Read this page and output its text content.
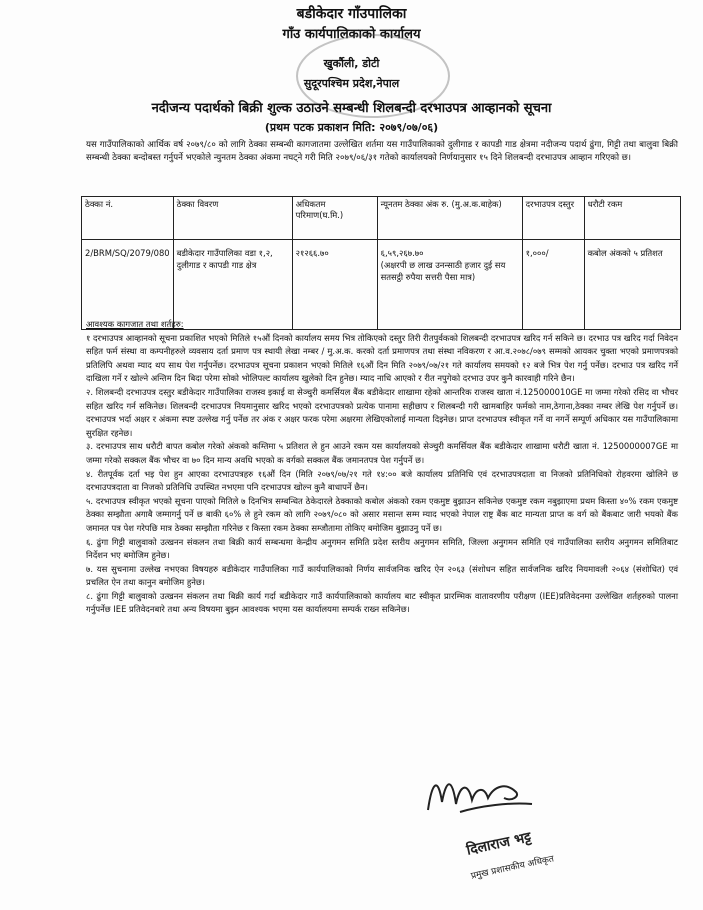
बडीकेदार गाँउपालिका
गाँउ कार्यपालिकाको कार्यालय
खुर्कौली, डोटी
सुदूरपश्चिम प्रदेश,नेपाल
नदीजन्य पदार्थको बिक्री शुल्क उठाउने सम्बन्धी शिलबन्दी दरभाउपत्र आव्हानको सूचना
(प्रथम पटक प्रकाशन मिति: २०७९/०७/०६)
यस गाउँपालिकाको आर्थिक वर्ष २०७९/८० को लागि ठेक्का सम्बन्धी कागजातमा उल्लेखित शर्तमा यस गाउँपालिकाको दुलीगाड र कापडी गाड क्षेत्रमा नदीजन्य पदार्थ ढुंगा, गिट्टी तथा बालुवा बिक्री सम्बन्धी ठेक्का बन्दोबस्त गर्नुपर्ने भएकोले न्युनतम ठेक्का अंकमा नघट्ने गरी मिति २०७९/०६/३१ गतेको कार्यालयको निर्णयानुसार १५ दिने शिलबन्दी दरभाउपत्र आव्हान गरिएको छ।
ठेक्का नं.	ठेक्का विवरण	अधिकतम परिमाण(घ.मि.)	न्यूनतम ठेक्का अंक रु. (मु.अ.क.बाहेक)	दरभाउपत्र दस्तुर	धरौटी रकम
2/BRM/SQ/2079/080	बडीकेदार गाउँपालिका वडा १,२, दुलीगाड र कापडी गाड क्षेत्र	२१२६६.७०	६,५९,२६७.७०
(अक्षरपी छ लाख उनन्साठी हजार दुई सय सतसट्ठी रुपैया सत्तरी पैसा मात्र)	१,०००/	कबोल अंकको ५ प्रतिशत

आवश्यक कागजात तथा शर्तहरु:

१ दरभाउपत्र आव्हानको सूचना प्रकाशित भएको मितिले १५औं दिनको कार्यालय समय भित्र तोकिएको दस्तुर तिरी रीतपुर्वकको शिलबन्दी दरभाउपत्र खरिद गर्न सकिने छ। दरभाउ पत्र खरिद गर्दा निवेदन सहित फर्म संस्था वा कम्पनीहरुले व्यवसाय दर्ता प्रमाण पत्र स्थायी लेखा नम्बर / मु.अ.क. करको दर्ता प्रमाणपत्र तथा संस्था नविकरण र आ.व.२०७८/०७९ सम्मको आयकर चुक्ता भएको प्रमाणपत्रको प्रतिलिपि अथवा म्याद थप साथ पेश गर्नुपर्नेछ। दरभाउपत्र सूचना प्रकाशन भएको मितिले १६औं दिन मिति २०७९/०७/२१ गते कार्यालय समयको १२ बजे भित्र पेश गर्नु पर्नेछ। दरभाउ पत्र खरिद गर्ने दाखिला गर्ने र खोल्ने अन्तिम दिन बिदा परेमा सोको भोलिपल्ट कार्यालय खुलेको दिन हुनेछ। म्याद नाधि आएको र रीत नपुगेको दरभाउ उपर कुनै कारवाही गरिने छैन।

२. शिलबन्दी दरभाउपत्र दस्तुर बडीकेदार गाउँपालिका राजस्व इकाई वा सेञ्चुरी कमर्सियल बैंक बडीकेदार शाखामा रहेको आन्तरिक राजस्व खाता नं.125000010GE मा जम्मा गरेको रसिद वा भौचर सहित खरिद गर्न सकिनेछ। शिलबन्दी दरभाउपत्र नियमानुसार खरिद भएको दरभाउपत्रको प्रत्येक पानामा सहीछाप र शिलबन्दी गरी खामबाहिर फर्मको नाम,ठेगाना,ठेक्का नम्बर लेखि पेश गर्नुपर्ने छ। दरभाउपत्र भर्दा अक्षर र अंकमा स्पष्ट उल्लेख गर्नु पर्नेछ तर अंक र अक्षर फरक परेमा अक्षरमा लेखिएकोलाई मान्यता दिइनेछ। प्राप्त दरभाउपत्र स्वीकृत गर्ने वा नगर्ने सम्पूर्ण अधिकार यस गाउँपालिकामा सुरक्षित रहनेछ।

३. दरभाउपत्र साथ धरौटी बापत कबोल गरेको अंकको कम्तिमा ५ प्रतिशत ले हुन आउने रकम यस कार्यालयको सेञ्चुरी कमर्सियल बैंक बडीकेदार शाखामा धरौटी खाता नं. 1250000007GE मा जम्मा गरेको सक्कल बैंक भौचर वा ७० दिन मान्य अवधि भएको क वर्गको सक्कल बैंक जमानतपत्र पेश गर्नुपर्ने छ।

४. रीतपूर्वक दर्ता भइ पेश हुन आएका दरभाउपत्रहरु १६औं दिन (मिति २०७९/०७/२१ गते १४:०० बजे कार्यालय प्रतिनिधि एवं दरभाउपत्रदाता वा निजको प्रतिनिधिको रोहवरमा खोलिने छ दरभाउपत्रदाता वा निजको प्रतिनिधि उपस्थित नभएमा पनि दरभाउपत्र खोल्न कुनै बाधापर्ने छैन।

५. दरभाउपत्र स्वीकृत भएको सूचना पाएको मितिले ७ दिनभित्र सम्बन्धित ठेकेदारले ठेक्काको कबोल अंकको रकम एकमुष्ट बुझाउन सकिनेछ एकमुष्ट रकम नबुझाएमा प्रथम किस्ता ४०% रकम एकमुष्ट ठेक्का सम्झौता अगाबै जम्मागर्नु पर्ने छ बाकी ६०% ले हुने रकम को लागि २०७९/०८० को असार मसान्त सम्म म्याद भएको नेपाल राष्ट्र बैंक बाट मान्यता प्राप्त क वर्ग को बैंकबाट जारी भयको बैंक जमानत पत्र पेश गरेपछि मात्र ठेक्का सम्झौता गरिनेछ र किस्ता रकम ठेक्का सम्जौतामा तोकिए बमोजिम बुझाउनु पर्ने छ।

६. ढुंगा गिट्टी बालुवाको उत्खनन संकलन तथा बिक्री कार्य सम्बन्धमा केन्द्रीय अनुगमन समिति प्रदेश स्तरीय अनुगमन समिति, जिल्ला अनुगमन समिति एवं गाउँपालिका स्तरीय अनुगमन समितिबाट निर्देशन भए बमोजिम हुनेछ।

७. यस सुचनामा उल्लेख नभएका विषयहरु बडीकेदार गाउँपालिका गाउँ कार्यपालिकाको निर्णय सार्वजनिक खरिद ऐन २०६३ (संशोधन सहित सार्वजनिक खरिद नियमावली २०६४ (संशोधित) एवं प्रचलित ऐन तथा कानुन बमोजिम हुनेछ।

८. ढुंगा गिट्टी बालुवाको उत्खनन संकलन तथा बिक्री कार्य गर्दा बडीकेदार गाउँ कार्यपालिकाको कार्यालय बाट स्वीकृत प्रारम्भिक वातावरणीय परीक्षण (IEE)प्रतिवेदनमा उल्लेखित शर्तहरुको पालना गर्नुपर्नेछ IEE प्रतिवेदनबारे तथा अन्य विषयमा बुझ्न आवश्यक भएमा यस कार्यालयमा सम्पर्क राख्न सकिनेछ।

दिलाराज भट्ट
प्रमुख प्रशासकीय अधिकृत
